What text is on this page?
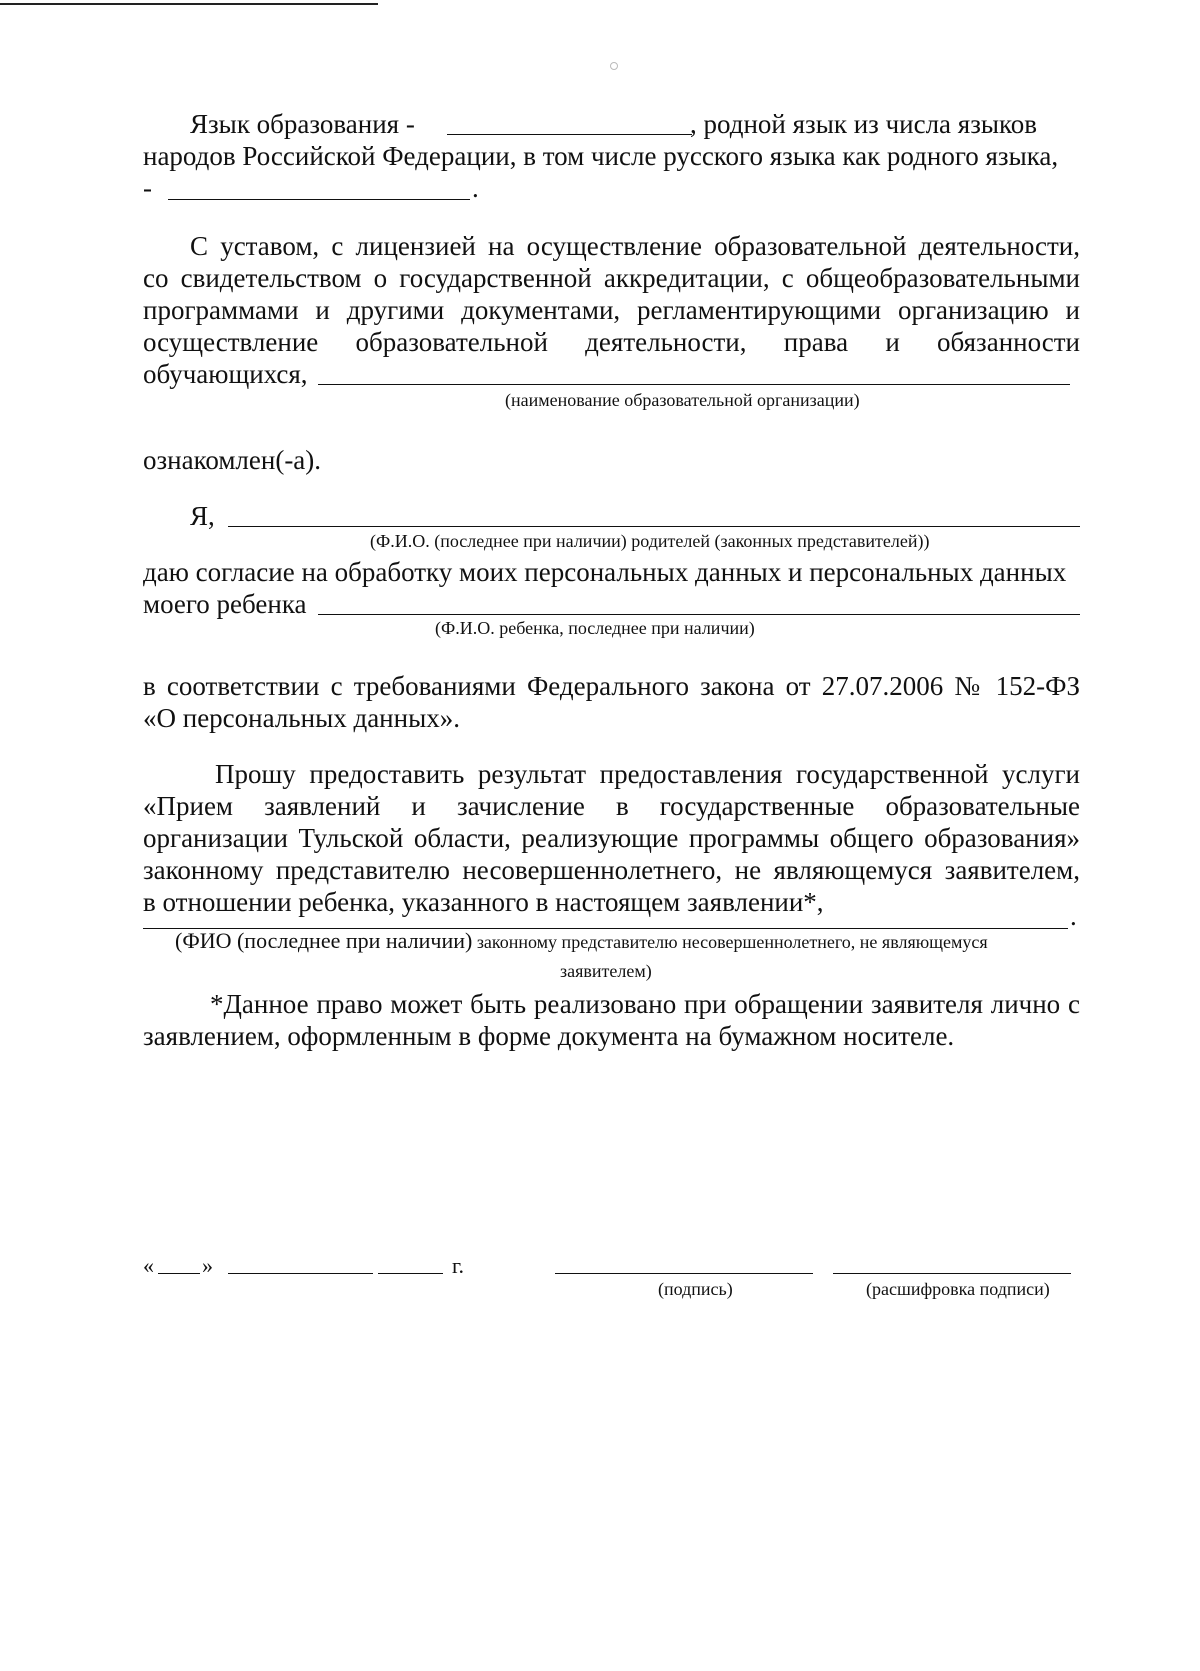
Язык образования -	, родной язык из числа языков
народов Российской Федерации, в том числе русского языка как родного языка,
-	.
С уставом, с лицензией на осуществление образовательной деятельности,
со свидетельством о государственной аккредитации, с общеобразовательными
программами и другими документами, регламентирующими организацию и
осуществление образовательной деятельности, права и обязанности
обучающихся,
(наименование образовательной организации)
ознакомлен(-а).
Я,
(Ф.И.О. (последнее при наличии) родителей (законных представителей))
даю согласие на обработку моих персональных данных и персональных данных
моего ребенка
(Ф.И.О. ребенка, последнее при наличии)
в соответствии с требованиями Федерального закона от 27.07.2006 № 152-ФЗ
«О персональных данных».
Прошу предоставить результат предоставления государственной услуги
«Прием заявлений и зачисление в государственные образовательные
организации Тульской области, реализующие программы общего образования»
законному представителю несовершеннолетнего, не являющемуся заявителем,
в отношении ребенка, указанного в настоящем заявлении*,	.
(ФИО (последнее при наличии) законному представителю несовершеннолетнего, не являющемуся
заявителем)
*Данное право может быть реализовано при обращении заявителя лично с
заявлением, оформленным в форме документа на бумажном носителе.
« »	г.
(подпись)	(расшифровка подписи)
